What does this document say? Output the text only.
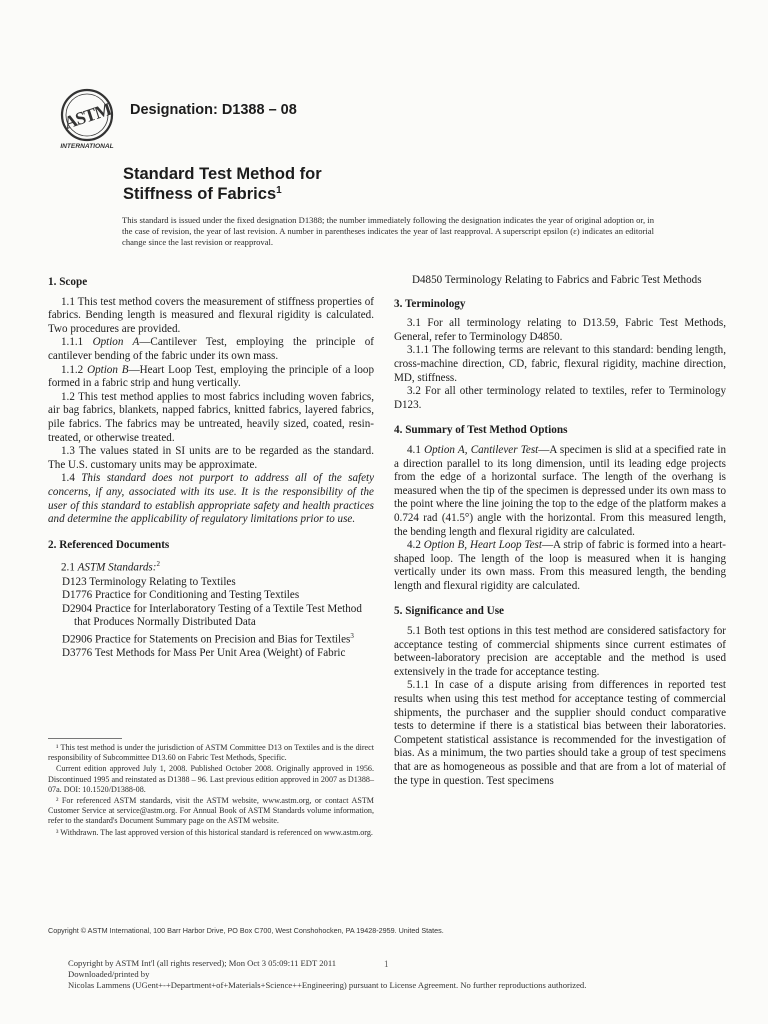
ASTM
INTERNATIONAL
Designation: D1388 – 08
Standard Test Method for
Stiffness of Fabrics$^1$
This standard is issued under the fixed designation D1388; the number immediately following the designation indicates the year of original adoption or, in the case of revision, the year of last revision. A number in parentheses indicates the year of last reapproval. A superscript epsilon (ε) indicates an editorial change since the last revision or reapproval.
1. Scope

1.1 This test method covers the measurement of stiffness properties of fabrics. Bending length is measured and flexural rigidity is calculated. Two procedures are provided.

1.1.1 Option A—Cantilever Test, employing the principle of cantilever bending of the fabric under its own mass.

1.1.2 Option B—Heart Loop Test, employing the principle of a loop formed in a fabric strip and hung vertically.

1.2 This test method applies to most fabrics including woven fabrics, air bag fabrics, blankets, napped fabrics, knitted fabrics, layered fabrics, pile fabrics. The fabrics may be untreated, heavily sized, coated, resin-treated, or otherwise treated.

1.3 The values stated in SI units are to be regarded as the standard. The U.S. customary units may be approximate.

1.4 This standard does not purport to address all of the safety concerns, if any, associated with its use. It is the responsibility of the user of this standard to establish appropriate safety and health practices and determine the applicability of regulatory limitations prior to use.

2. Referenced Documents

2.1 ASTM Standards:$^2$

D123 Terminology Relating to Textiles

D1776 Practice for Conditioning and Testing Textiles

D2904 Practice for Interlaboratory Testing of a Textile Test Method that Produces Normally Distributed Data

D2906 Practice for Statements on Precision and Bias for Textiles$^3$

D3776 Test Methods for Mass Per Unit Area (Weight) of Fabric

¹ This test method is under the jurisdiction of ASTM Committee D13 on Textiles and is the direct responsibility of Subcommittee D13.60 on Fabric Test Methods, Specific.

Current edition approved July 1, 2008. Published October 2008. Originally approved in 1956. Discontinued 1995 and reinstated as D1388 – 96. Last previous edition approved in 2007 as D1388–07a. DOI: 10.1520/D1388-08.

² For referenced ASTM standards, visit the ASTM website, www.astm.org, or contact ASTM Customer Service at service@astm.org. For Annual Book of ASTM Standards volume information, refer to the standard's Document Summary page on the ASTM website.

³ Withdrawn. The last approved version of this historical standard is referenced on www.astm.org.

D4850 Terminology Relating to Fabrics and Fabric Test Methods

3. Terminology

3.1 For all terminology relating to D13.59, Fabric Test Methods, General, refer to Terminology D4850.

3.1.1 The following terms are relevant to this standard: bending length, cross-machine direction, CD, fabric, flexural rigidity, machine direction, MD, stiffness.

3.2 For all other terminology related to textiles, refer to Terminology D123.

4. Summary of Test Method Options

4.1 Option A, Cantilever Test—A specimen is slid at a specified rate in a direction parallel to its long dimension, until its leading edge projects from the edge of a horizontal surface. The length of the overhang is measured when the tip of the specimen is depressed under its own mass to the point where the line joining the top to the edge of the platform makes a 0.724 rad (41.5°) angle with the horizontal. From this measured length, the bending length and flexural rigidity are calculated.

4.2 Option B, Heart Loop Test—A strip of fabric is formed into a heart-shaped loop. The length of the loop is measured when it is hanging vertically under its own mass. From this measured length, the bending length and flexural rigidity are calculated.

5. Significance and Use

5.1 Both test options in this test method are considered satisfactory for acceptance testing of commercial shipments since current estimates of between-laboratory precision are acceptable and the method is used extensively in the trade for acceptance testing.

5.1.1 In case of a dispute arising from differences in reported test results when using this test method for acceptance testing of commercial shipments, the purchaser and the supplier should conduct comparative tests to determine if there is a statistical bias between their laboratories. Competent statistical assistance is recommended for the investigation of bias. As a minimum, the two parties should take a group of test specimens that are as homogeneous as possible and that are from a lot of material of the type in question. Test specimens

Copyright © ASTM International, 100 Barr Harbor Drive, PO Box C700, West Conshohocken, PA 19428-2959. United States.
Copyright by ASTM Int'l (all rights reserved); Mon Oct 3 05:09:11 EDT 2011
Downloaded/printed by
Nicolas Lammens (UGent+-+Department+of+Materials+Science++Engineering) pursuant to License Agreement. No further reproductions authorized.
1
